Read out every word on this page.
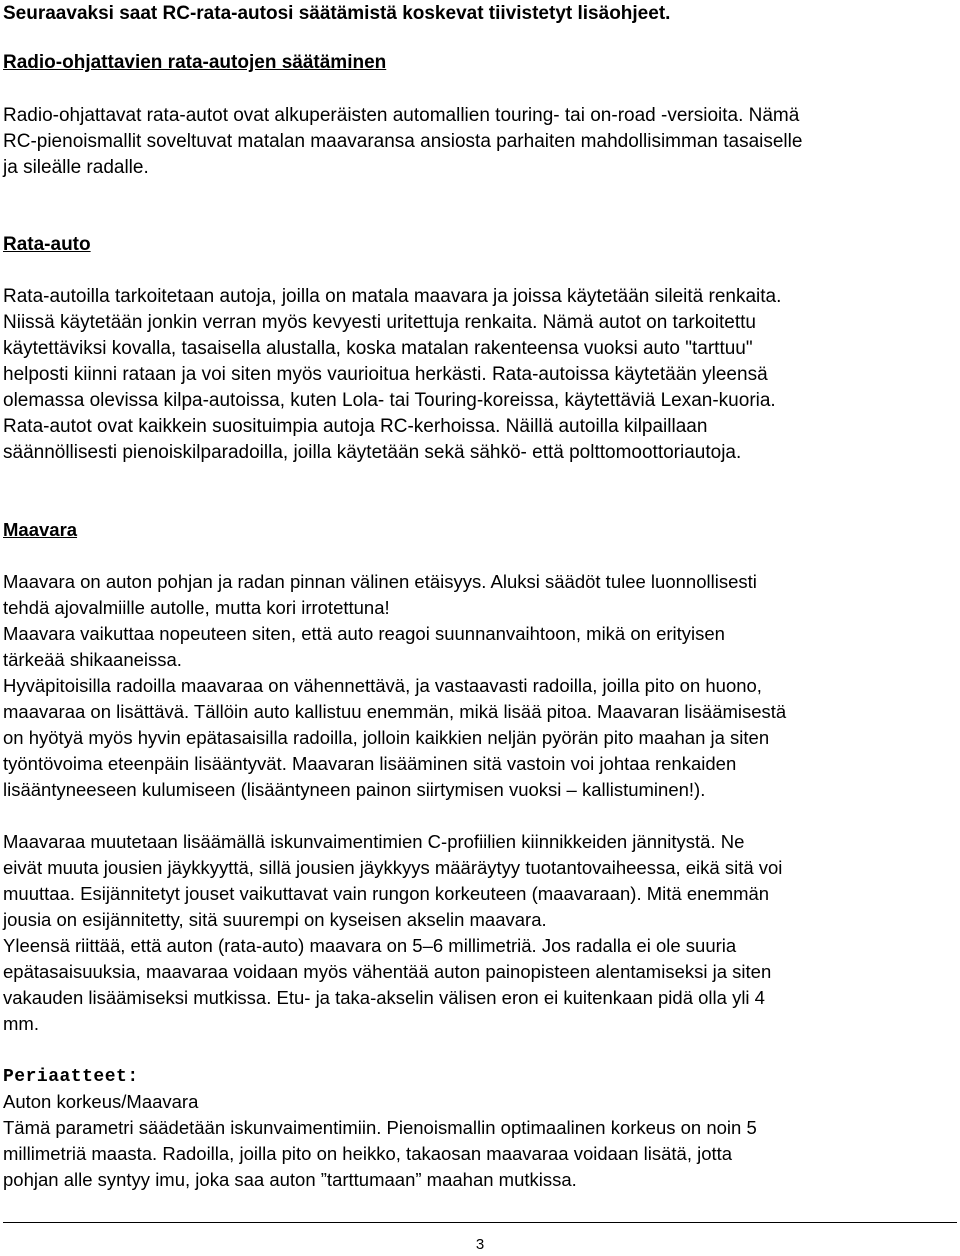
Seuraavaksi saat RC-rata-autosi säätämistä koskevat tiivistetyt lisäohjeet.

Radio-ohjattavien rata-autojen säätäminen

Radio-ohjattavat rata-autot ovat alkuperäisten automallien touring- tai on-road -versioita. Nämä

RC-pienoismallit soveltuvat matalan maavaransa ansiosta parhaiten mahdollisimman tasaiselle

ja sileälle radalle.

Rata-auto

Rata-autoilla tarkoitetaan autoja, joilla on matala maavara ja joissa käytetään sileitä renkaita.

Niissä käytetään jonkin verran myös kevyesti uritettuja renkaita. Nämä autot on tarkoitettu

käytettäviksi kovalla, tasaisella alustalla, koska matalan rakenteensa vuoksi auto "tarttuu"

helposti kiinni rataan ja voi siten myös vaurioitua herkästi. Rata-autoissa käytetään yleensä

olemassa olevissa kilpa-autoissa, kuten Lola- tai Touring-koreissa, käytettäviä Lexan-kuoria.

Rata-autot ovat kaikkein suosituimpia autoja RC-kerhoissa. Näillä autoilla kilpaillaan

säännöllisesti pienoiskilparadoilla, joilla käytetään sekä sähkö- että polttomoottoriautoja.

Maavara

Maavara on auton pohjan ja radan pinnan välinen etäisyys. Aluksi säädöt tulee luonnollisesti

tehdä ajovalmiille autolle, mutta kori irrotettuna!

Maavara vaikuttaa nopeuteen siten, että auto reagoi suunnanvaihtoon, mikä on erityisen

tärkeää shikaaneissa.

Hyväpitoisilla radoilla maavaraa on vähennettävä, ja vastaavasti radoilla, joilla pito on huono,

maavaraa on lisättävä. Tällöin auto kallistuu enemmän, mikä lisää pitoa. Maavaran lisäämisestä

on hyötyä myös hyvin epätasaisilla radoilla, jolloin kaikkien neljän pyörän pito maahan ja siten

työntövoima eteenpäin lisääntyvät. Maavaran lisääminen sitä vastoin voi johtaa renkaiden

lisääntyneeseen kulumiseen (lisääntyneen painon siirtymisen vuoksi – kallistuminen!).

Maavaraa muutetaan lisäämällä iskunvaimentimien C-profiilien kiinnikkeiden jännitystä. Ne

eivät muuta jousien jäykkyyttä, sillä jousien jäykkyys määräytyy tuotantovaiheessa, eikä sitä voi

muuttaa. Esijännitetyt jouset vaikuttavat vain rungon korkeuteen (maavaraan). Mitä enemmän

jousia on esijännitetty, sitä suurempi on kyseisen akselin maavara.

Yleensä riittää, että auton (rata-auto) maavara on 5–6 millimetriä. Jos radalla ei ole suuria

epätasaisuuksia, maavaraa voidaan myös vähentää auton painopisteen alentamiseksi ja siten

vakauden lisäämiseksi mutkissa. Etu- ja taka-akselin välisen eron ei kuitenkaan pidä olla yli 4

mm.

Periaatteet:

Auton korkeus/Maavara

Tämä parametri säädetään iskunvaimentimiin. Pienoismallin optimaalinen korkeus on noin 5

millimetriä maasta. Radoilla, joilla pito on heikko, takaosan maavaraa voidaan lisätä, jotta

pohjan alle syntyy imu, joka saa auton ”tarttumaan” maahan mutkissa.

3
